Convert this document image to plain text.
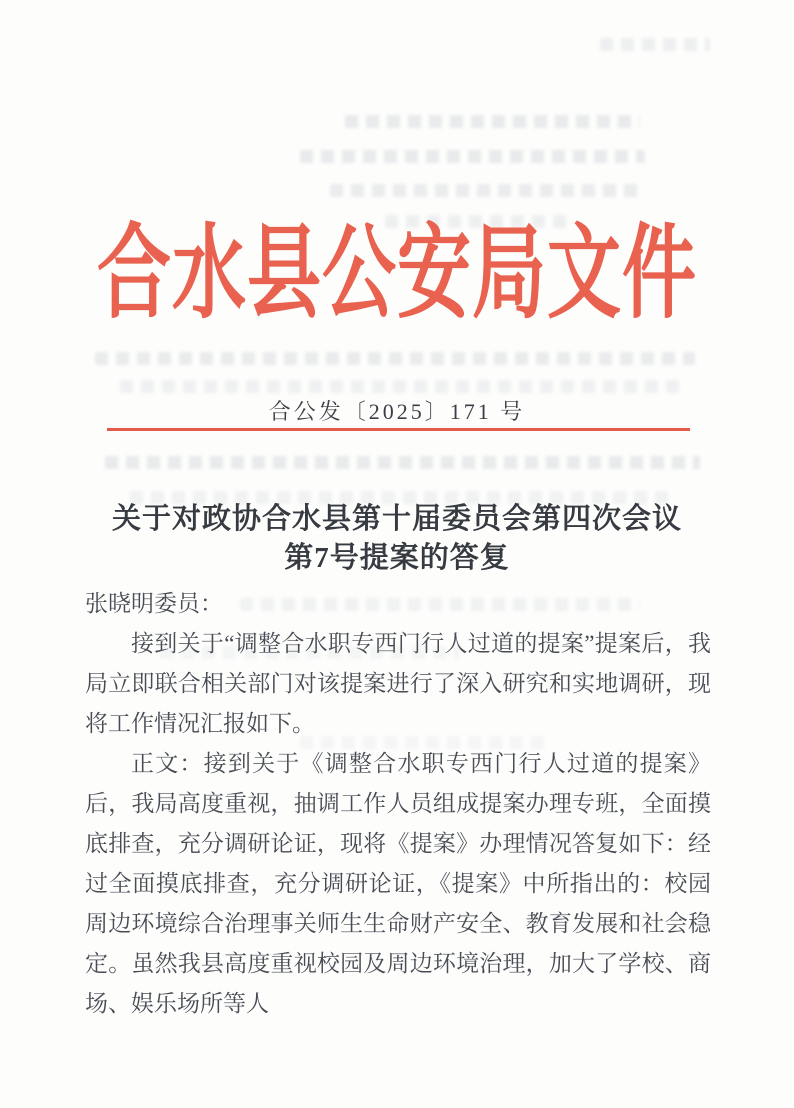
合水县公安局文件
合公发〔2025〕171 号
关于对政协合水县第十届委员会第四次会议
第7号提案的答复

张晓明委员：

接到关于“调整合水职专西门行人过道的提案”提案后，我局立即联合相关部门对该提案进行了深入研究和实地调研，现将工作情况汇报如下。

正文：接到关于《调整合水职专西门行人过道的提案》后，我局高度重视，抽调工作人员组成提案办理专班，全面摸底排查，充分调研论证，现将《提案》办理情况答复如下：经过全面摸底排查，充分调研论证，《提案》中所指出的：校园周边环境综合治理事关师生生命财产安全、教育发展和社会稳定。虽然我县高度重视校园及周边环境治理，加大了学校、商场、娱乐场所等人
